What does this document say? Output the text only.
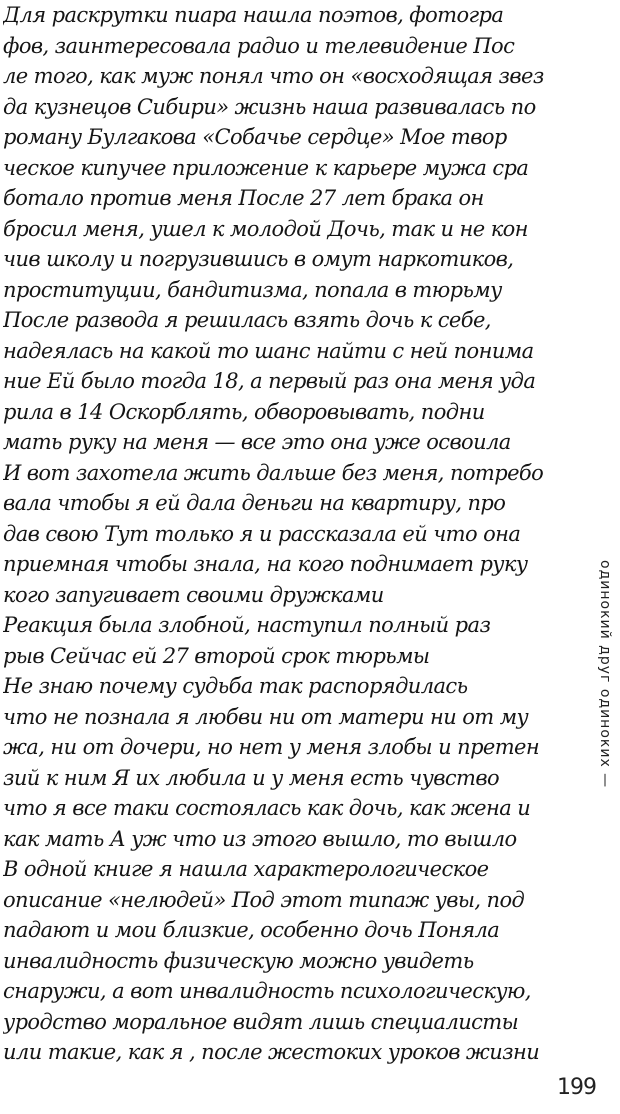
Для раскрутки пиара нашла поэтов, фотогра
фов, заинтересовала радио и телевидение Пос
ле того, как муж понял что он «восходящая звез
да кузнецов Сибири» жизнь наша развивалась по
роману Булгакова «Собачье сердце» Мое твор
ческое кипучее приложение к карьере мужа сра
ботало против меня После 27 лет брака он
бросил меня, ушел к молодой Дочь, так и не кон
чив школу и погрузившись в омут наркотиков,
проституции, бандитизма, попала в тюрьму
После развода я решилась взять дочь к себе,
надеялась на какой то шанс найти с ней понима
ние Ей было тогда 18, а первый раз она меня уда
рила в 14 Оскорблять, обворовывать, подни
мать руку на меня — все это она уже освоила
И вот захотела жить дальше без меня, потребо
вала чтобы я ей дала деньги на квартиру, про
дав свою Тут только я и рассказала ей что она
приемная чтобы знала, на кого поднимает руку
кого запугивает своими дружками
Реакция была злобной, наступил полный раз
рыв Сейчас ей 27 второй срок тюрьмы
Не знаю почему судьба так распорядилась
что не познала я любви ни от матери ни от му
жа, ни от дочери, но нет у меня злобы и претен
зий к ним Я их любила и у меня есть чувство
что я все таки состоялась как дочь, как жена и
как мать А уж что из этого вышло, то вышло
В одной книге я нашла характерологическое
описание «нелюдей» Под этот типаж увы, под
падают и мои близкие, особенно дочь Поняла
инвалидность физическую можно увидеть
снаружи, а вот инвалидность психологическую,
уродство моральное видят лишь специалисты
или такие, как я , после жестоких уроков жизни
одинокий друг одиноких —
199
